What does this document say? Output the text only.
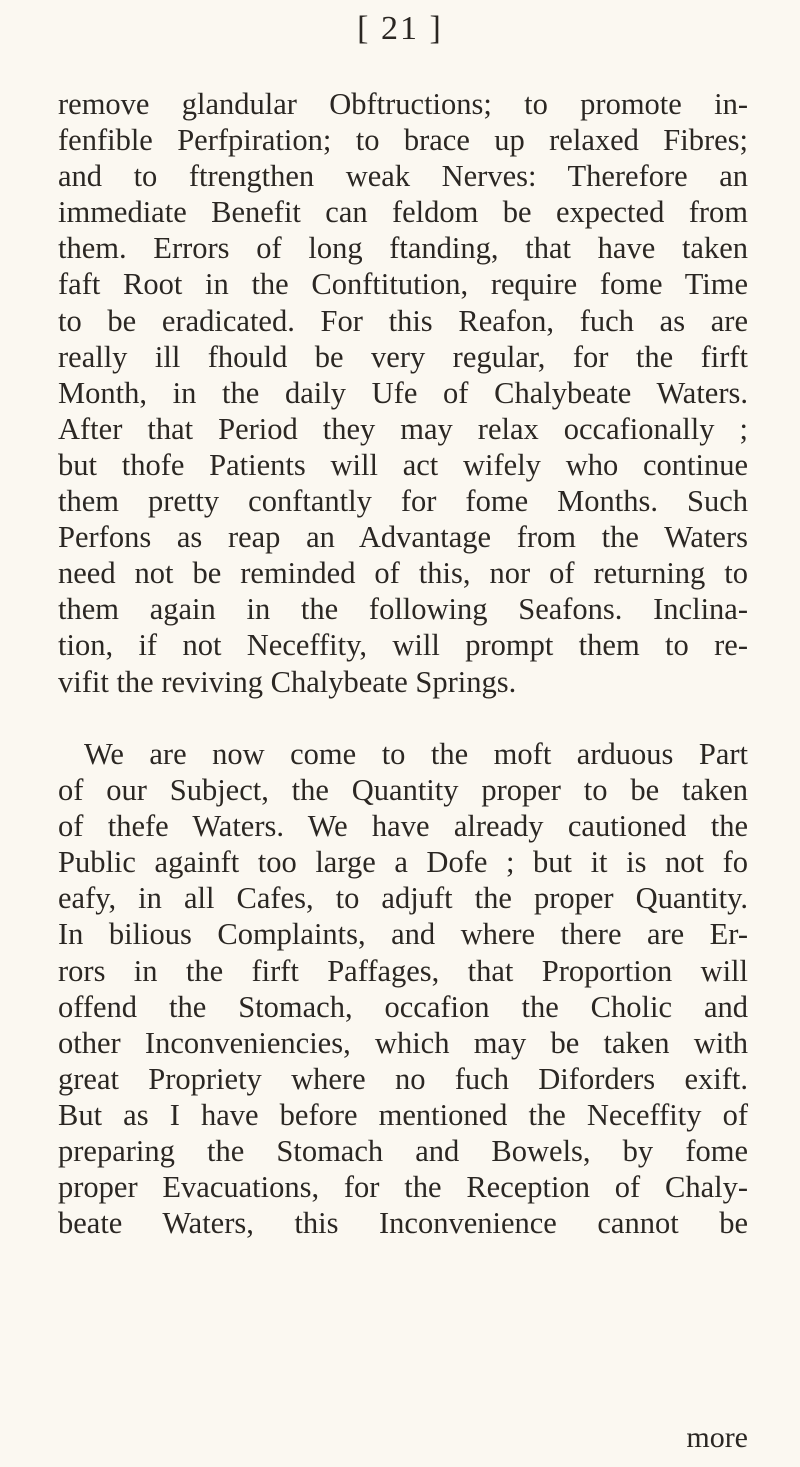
[ 21 ]
remove glandular Obftructions; to promote in-
fenfible Perfpiration; to brace up relaxed Fibres;
and to ftrengthen weak Nerves: Therefore an
immediate Benefit can feldom be expected from
them. Errors of long ftanding, that have taken
faft Root in the Conftitution, require fome Time
to be eradicated. For this Reafon, fuch as are
really ill fhould be very regular, for the firft
Month, in the daily Ufe of Chalybeate Waters.
After that Period they may relax occafionally ;
but thofe Patients will act wifely who continue
them pretty conftantly for fome Months. Such
Perfons as reap an Advantage from the Waters
need not be reminded of this, nor of returning to
them again in the following Seafons. Inclina-
tion, if not Neceffity, will prompt them to re-
vifit the reviving Chalybeate Springs.
We are now come to the moft arduous Part
of our Subject, the Quantity proper to be taken
of thefe Waters. We have already cautioned the
Public againft too large a Dofe ; but it is not fo
eafy, in all Cafes, to adjuft the proper Quantity.
In bilious Complaints, and where there are Er-
rors in the firft Paffages, that Proportion will
offend the Stomach, occafion the Cholic and
other Inconveniencies, which may be taken with
great Propriety where no fuch Diforders exift.
But as I have before mentioned the Neceffity of
preparing the Stomach and Bowels, by fome
proper Evacuations, for the Reception of Chaly-
beate Waters, this Inconvenience cannot be
more
